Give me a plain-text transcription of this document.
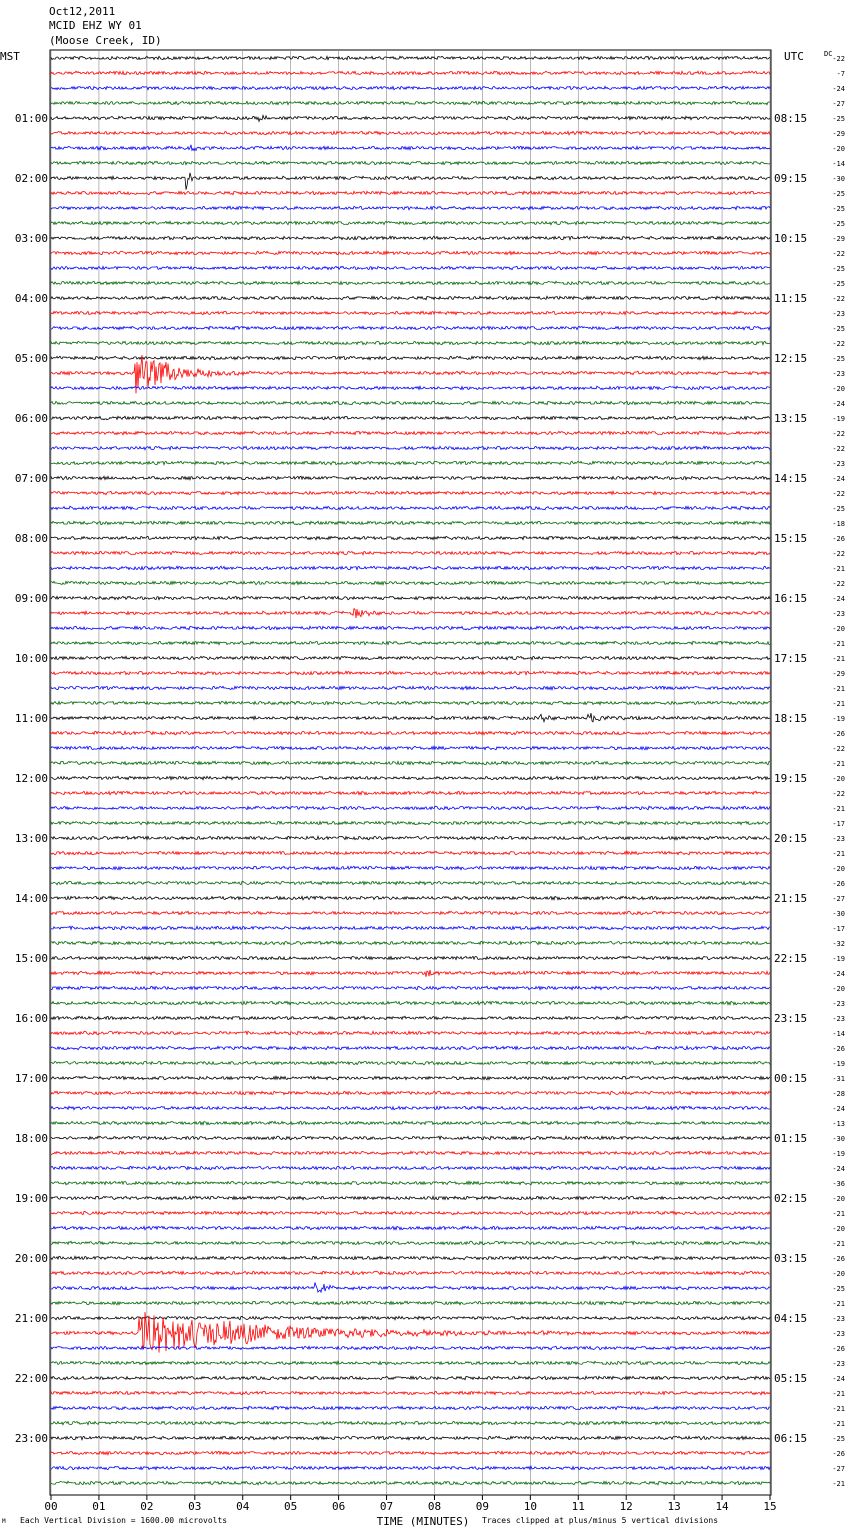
Oct12,2011
MCID EHZ WY 01
(Moose Creek, ID)
MST	UTC	DC
00	01	02	03	04	05	06	07	08	09	10	11	12	13	14	15
TIME (MINUTES)
-22
-7
-24
-27
-25
01:00	08:15
-29
-20
-14
-30
02:00	09:15
-25
-25
-25
-29
03:00	10:15
-22
-25
-25
-22
04:00	11:15
-23
-25
-22
-25
05:00	12:15
-23
-20
-24
-19
06:00	13:15
-22
-22
-23
-24
07:00	14:15
-22
-25
-18
-26
08:00	15:15
-22
-21
-22
-24
09:00	16:15
-23
-20
-21
-21
10:00	17:15
-29
-21
-21
-19
11:00	18:15
-26
-22
-21
-20
12:00	19:15
-22
-21
-17
-23
13:00	20:15
-21
-20
-26
-27
14:00	21:15
-30
-17
-32
-19
15:00	22:15
-24
-20
-23
-23
16:00	23:15
-14
-26
-19
-31
17:00	00:15
-28
-24
-13
-30
18:00	01:15
-19
-24
-36
-20
19:00	02:15
-21
-20
-21
-26
20:00	03:15
-20
-25
-21
-23
21:00	04:15
-23
-26
-23
-24
22:00	05:15
-21
-21
-21
-25
23:00	06:15
-26
-27
-21
M Each Vertical Division = 1600.00 microvolts	Traces clipped at plus/minus 5 vertical divisions
